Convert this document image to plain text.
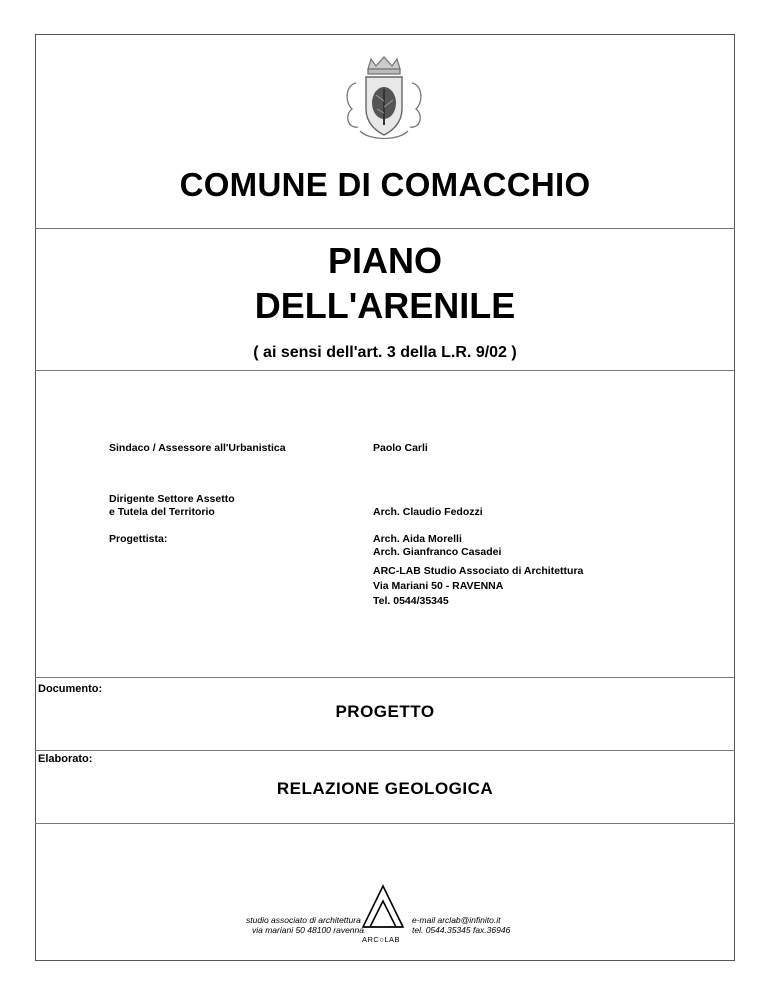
COMUNE DI COMACCHIO
PIANO
DELL'ARENILE
( ai sensi dell'art. 3 della L.R. 9/02 )
Sindaco / Assessore all'Urbanistica	Paolo Carli
Dirigente Settore Assetto
e Tutela del Territorio	Arch. Claudio Fedozzi
Progettista:	Arch. Aida Morelli
Arch. Gianfranco Casadei
ARC-LAB Studio Associato di Architettura
Via Mariani 50 - RAVENNA
Tel. 0544/35345
Documento:
PROGETTO
Elaborato:
RELAZIONE GEOLOGICA
studio associato di architettura
via mariani 50 48100 ravenna
ARC○LAB
e-mail arclab@infinito.it
tel. 0544.35345 fax.36946
